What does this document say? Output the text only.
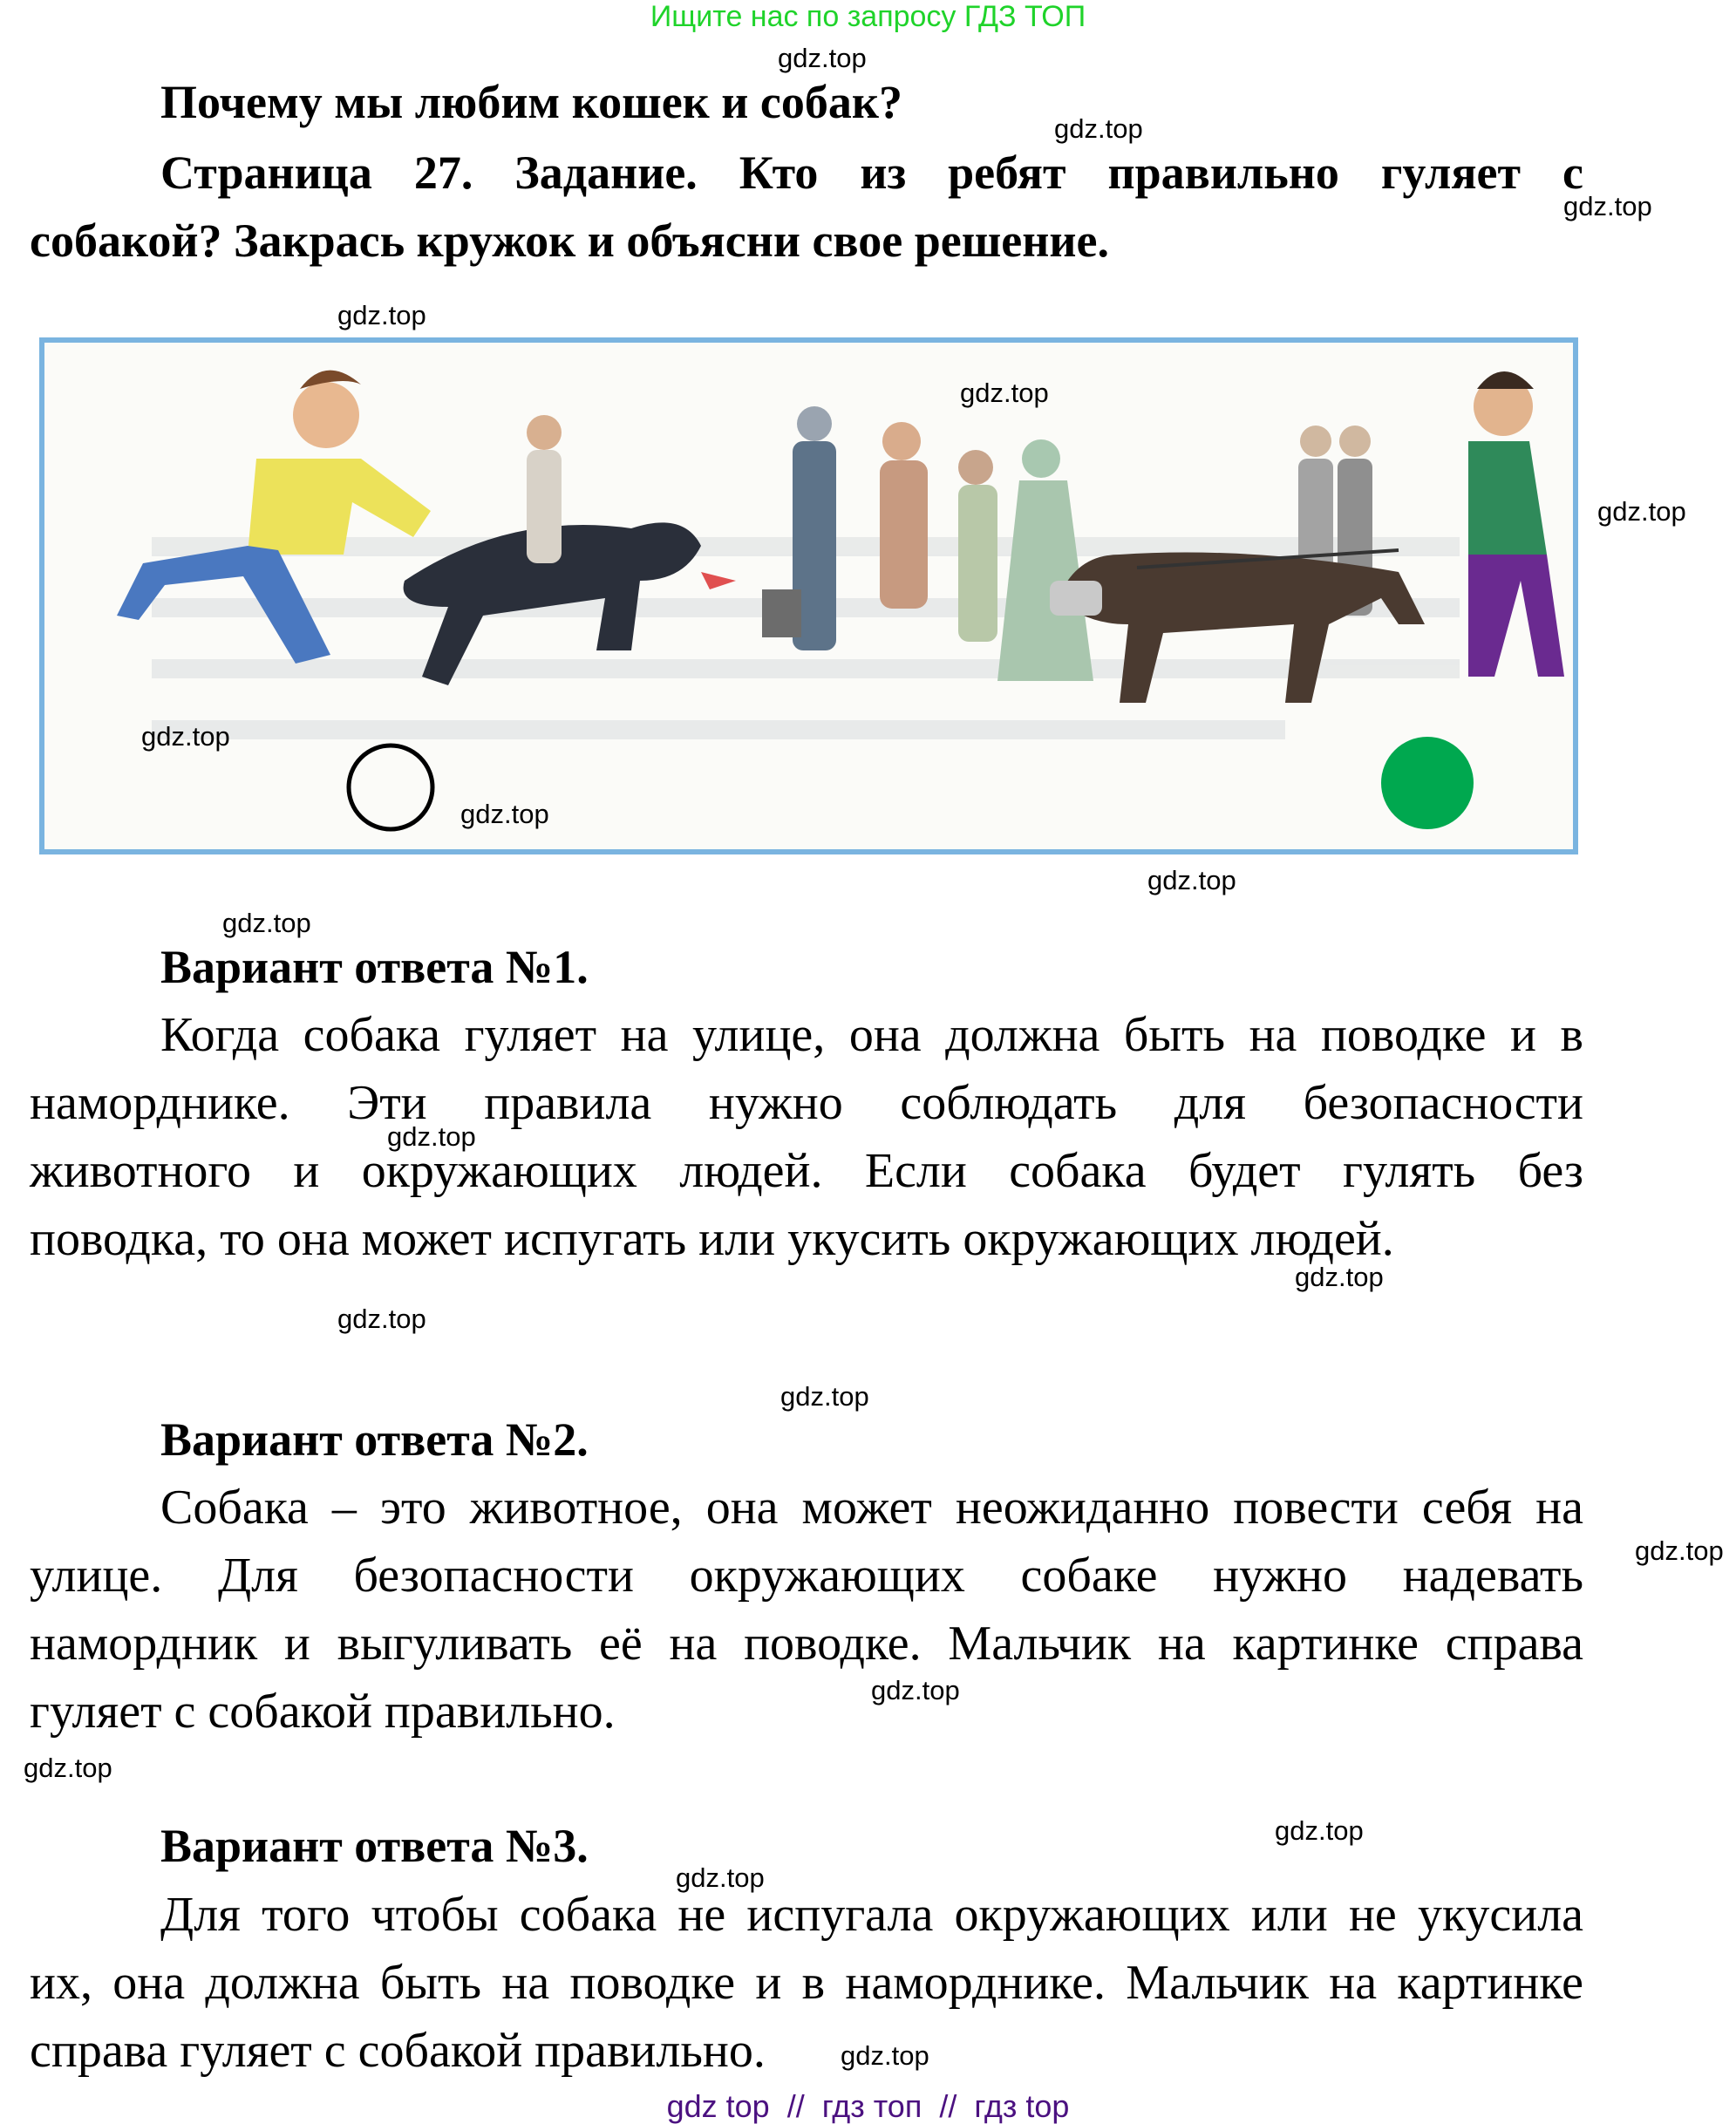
Ищите нас по запросу ГДЗ ТОП
Почему мы любим кошек и собак?
Страница 27. Задание. Кто из ребят правильно гуляет с
собакой? Закрась кружок и объясни свое решение.
Вариант ответа №1.
Когда собака гуляет на улице, она должна быть на поводке и в
наморднике. Эти правила нужно соблюдать для безопасности
животного и окружающих людей. Если собака будет гулять без
поводка, то она может испугать или укусить окружающих людей.
Вариант ответа №2.
Собака – это животное, она может неожиданно повести себя на
улице. Для безопасности окружающих собаке нужно надевать
намордник и выгуливать её на поводке. Мальчик на картинке справа
гуляет с собакой правильно.
Вариант ответа №3.
Для того чтобы собака не испугала окружающих или не укусила
их, она должна быть на поводке и в наморднике. Мальчик на картинке
справа гуляет с собакой правильно.
gdz.top
gdz.top
gdz.top
gdz.top
gdz.top
gdz.top
gdz.top
gdz.top
gdz.top
gdz.top
gdz.top
gdz.top
gdz.top
gdz.top
gdz.top
gdz.top
gdz.top
gdz.top
gdz.top
gdz.top
gdz top  //  гдз топ  //  гдз top
